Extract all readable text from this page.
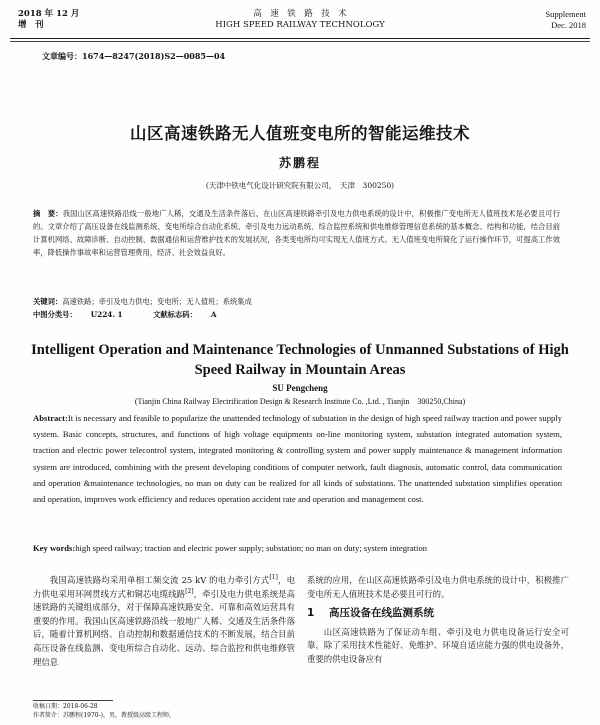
2018 年 12 月
增　刊
高　速　铁　路　技　术
HIGH SPEED RAILWAY TECHNOLOGY
Supplement
Dec. 2018
文章编号：1674—8247(2018)S2—0085—04
山区高速铁路无人值班变电所的智能运维技术
苏鹏程
(天津中铁电气化设计研究院有限公司，　天津　300250)
摘　要：我国山区高速铁路沿线一般地广人稀，交通及生活条件落后，在山区高速铁路牵引及电力供电系统的设计中，积极推广变电所无人值班技术是必要且可行的。文章介绍了高压设备在线监测系统、变电所综合自动化系统、牵引及电力远动系统、综合监控系统和供电维修管理信息系统的基本概念、结构和功能，结合目前计算机网络、故障诊断、自动控制、数据通信和运营维护技术的发展状况，各类变电所均可实现无人值班方式。无人值班变电所简化了运行操作环节，可提高工作效率，降低操作事故率和运营管理费用，经济、社会效益良好。
关键词：高速铁路；牵引及电力供电；变电所；无人值班；系统集成
中图分类号： U224. 1	文献标志码： A
Intelligent Operation and Maintenance Technologies of Unmanned Substations of High Speed Railway in Mountain Areas
SU Pengcheng
(Tianjin China Railway Electrification Design & Research Institute Co. ,Ltd. , Tianjin　300250,China)
Abstract:It is necessary and feasible to popularize the unattended technology of substation in the design of high speed railway traction and power supply system. Basic concepts, structures, and functions of high voltage equipments on-line monitoring system, substation integrated automation system, traction and electric power telecontrol system, integrated monitoring & controlling system and power supply maintenance & management information system are introduced, combining with the present developing conditions of computer network, fault diagnosis, automatic control, data communication and operation &maintenance technologies, no man on duty can be realized for all kinds of substations. The unattended substation simplifies operation and operation, improves work efficiency and reduces operation accident rate and operation and management cost.
Key words:high speed railway; traction and electric power supply; substation; no man on duty; system integration
我国高速铁路均采用单相工频交流 25 kV 的电力牵引方式[1]，电力供电采用环网贯线方式和铜芯电缆线路[2]，牵引及电力供电系统是高速铁路的关键组成部分，对于保障高速铁路安全、可靠和高效运营具有重要的作用。我国山区高速铁路沿线一般地广人稀、交通及生活条件落后，随着计算机网络、自动控制和数据通信技术的不断发展，结合目前高压设备在线监测、变电所综合自动化、远动、综合监控和供电维修管理信息
系统的应用，在山区高速铁路牵引及电力供电系统的设计中，积极推广变电所无人值班技术是必要且可行的。
1 高压设备在线监测系统
山区高速铁路为了保证动车组、牵引及电力供电设备运行安全可靠，除了采用技术性能好、免维护、环境自适应能力强的供电设备外，重要的供电设备应有
收稿日期：2018-06-28
作者简介：苏鹏程(1970-)，男，教授级高级工程师。
